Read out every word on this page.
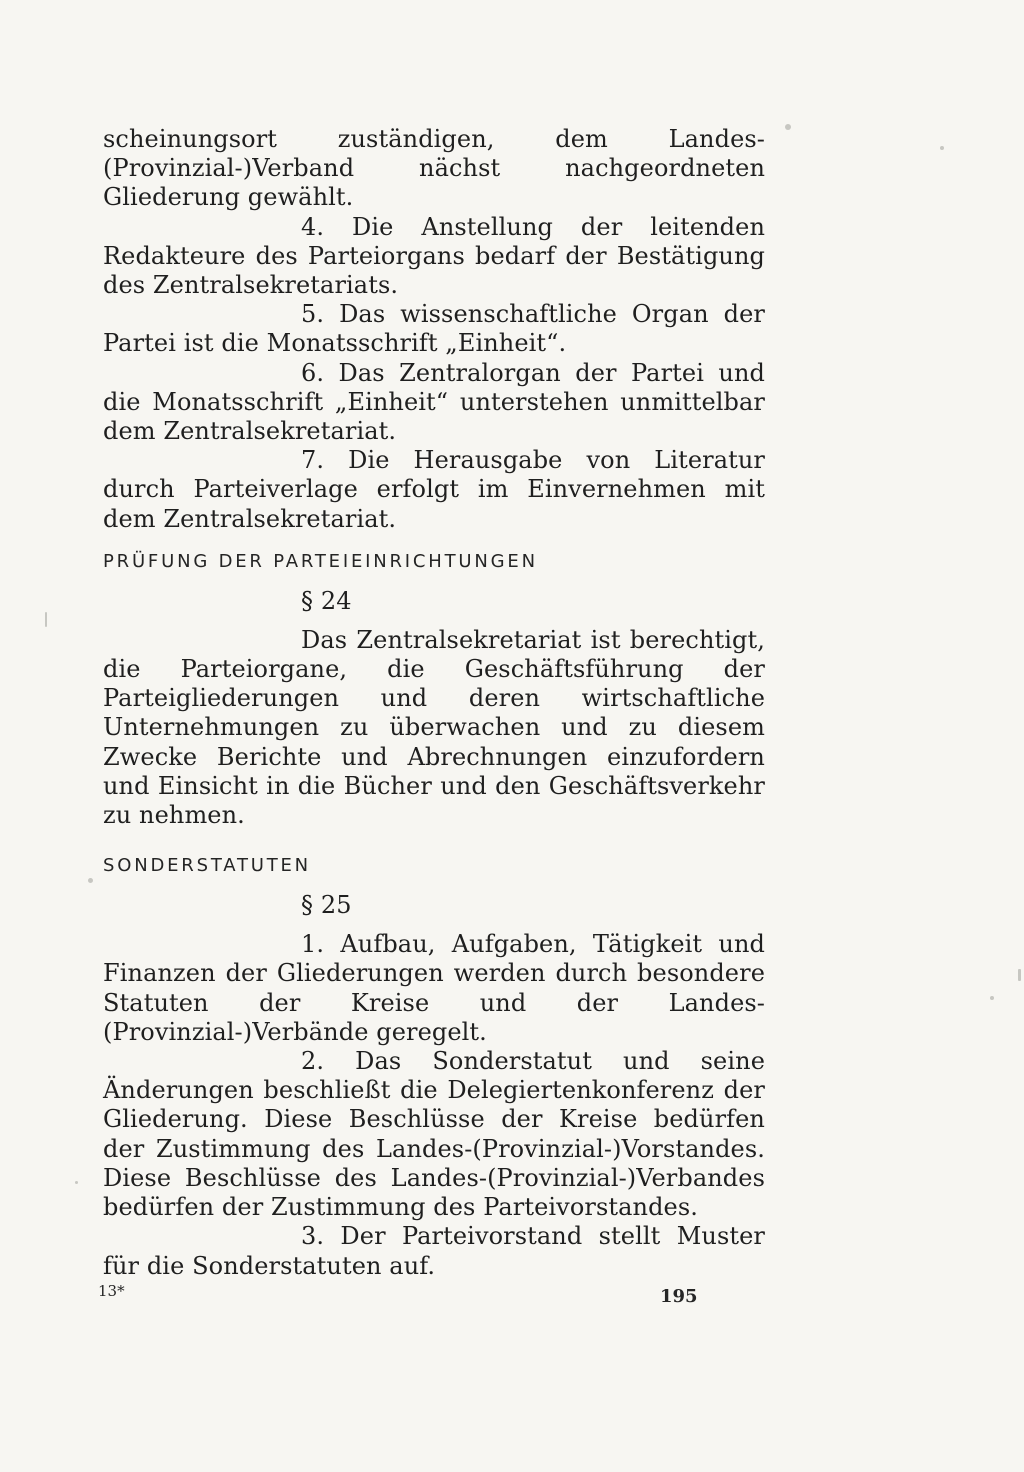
scheinungsort zuständigen, dem Landes-(Provinzial-)Verband nächst nachgeordneten Gliederung gewählt.

4. Die Anstellung der leitenden Redakteure des Parteiorgans bedarf der Bestätigung des Zentralsekretariats.

5. Das wissenschaftliche Organ der Partei ist die Monatsschrift „Einheit“.

6. Das Zentralorgan der Partei und die Monatsschrift „Einheit“ unterstehen unmittelbar dem Zentralsekretariat.

7. Die Herausgabe von Literatur durch Parteiverlage erfolgt im Einvernehmen mit dem Zentralsekretariat.

PRÜFUNG DER PARTEIEINRICHTUNGEN
§ 24

Das Zentralsekretariat ist berechtigt, die Parteiorgane, die Geschäftsführung der Parteigliederungen und deren wirtschaftliche Unternehmungen zu überwachen und zu diesem Zwecke Berichte und Abrechnungen einzufordern und Einsicht in die Bücher und den Geschäftsverkehr zu nehmen.

SONDERSTATUTEN
§ 25

1. Aufbau, Aufgaben, Tätigkeit und Finanzen der Gliederungen werden durch besondere Statuten der Kreise und der Landes-(Provinzial-)Verbände geregelt.

2. Das Sonderstatut und seine Änderungen beschließt die Delegiertenkonferenz der Gliederung. Diese Beschlüsse der Kreise bedürfen der Zustimmung des Landes-(Provinzial-)Vorstandes. Diese Beschlüsse des Landes-(Provinzial-)Verbandes bedürfen der Zustimmung des Parteivorstandes.

3. Der Parteivorstand stellt Muster für die Sonderstatuten auf.

13*	195
